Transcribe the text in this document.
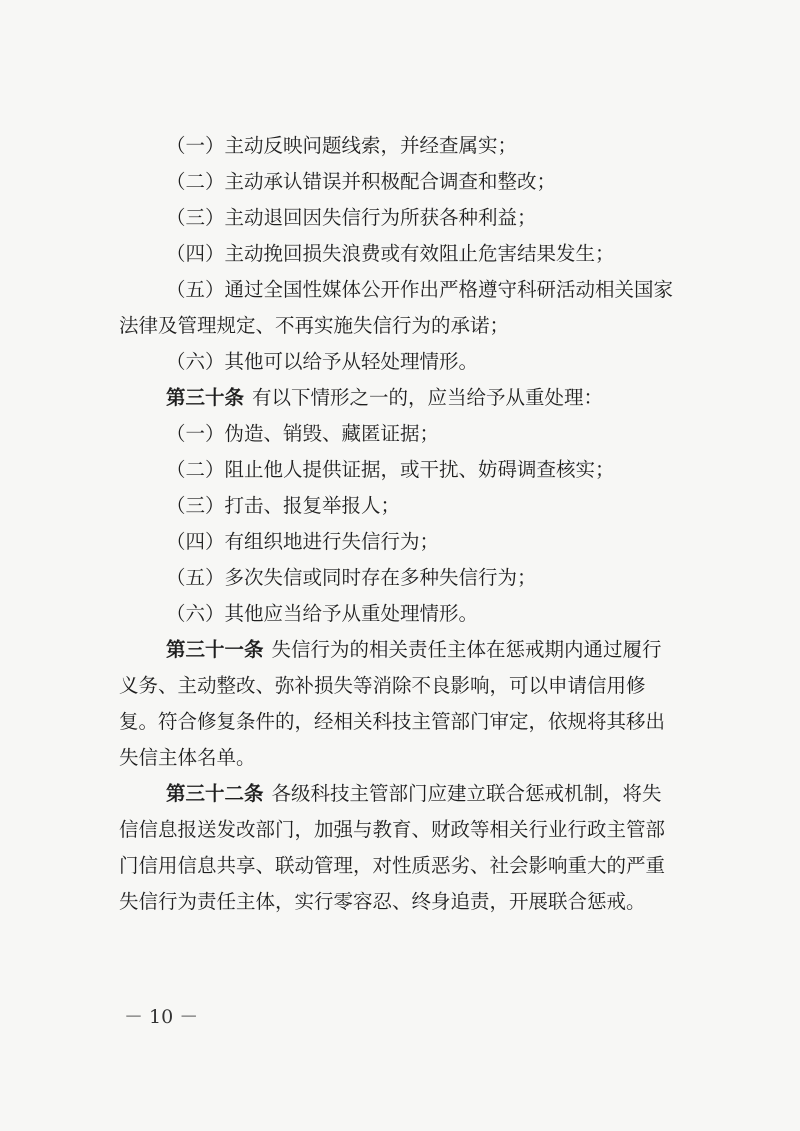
（一）主动反映问题线索，并经查属实；

（二）主动承认错误并积极配合调查和整改；

（三）主动退回因失信行为所获各种利益；

（四）主动挽回损失浪费或有效阻止危害结果发生；

（五）通过全国性媒体公开作出严格遵守科研活动相关国家法律及管理规定、不再实施失信行为的承诺；

（六）其他可以给予从轻处理情形。

第三十条 有以下情形之一的，应当给予从重处理：

（一）伪造、销毁、藏匿证据；

（二）阻止他人提供证据，或干扰、妨碍调查核实；

（三）打击、报复举报人；

（四）有组织地进行失信行为；

（五）多次失信或同时存在多种失信行为；

（六）其他应当给予从重处理情形。

第三十一条 失信行为的相关责任主体在惩戒期内通过履行义务、主动整改、弥补损失等消除不良影响，可以申请信用修复。符合修复条件的，经相关科技主管部门审定，依规将其移出失信主体名单。

第三十二条 各级科技主管部门应建立联合惩戒机制，将失信信息报送发改部门，加强与教育、财政等相关行业行政主管部门信用信息共享、联动管理，对性质恶劣、社会影响重大的严重失信行为责任主体，实行零容忍、终身追责，开展联合惩戒。

－ 10 －
